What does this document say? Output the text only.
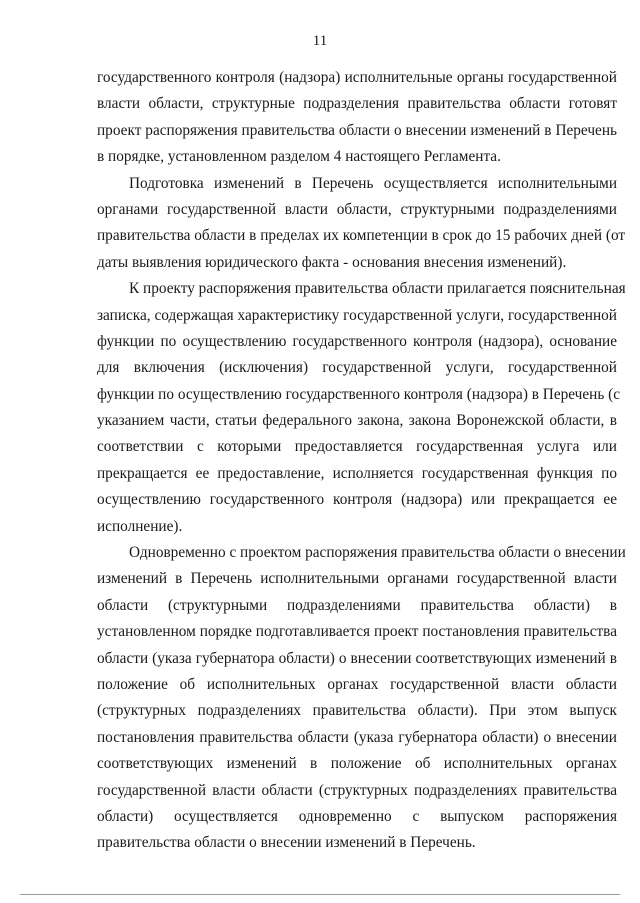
11
государственного контроля (надзора) исполнительные органы государственной
власти области, структурные подразделения правительства области готовят
проект распоряжения правительства области о внесении изменений в Перечень
в порядке, установленном разделом 4 настоящего Регламента.
Подготовка изменений в Перечень осуществляется исполнительными
органами государственной власти области, структурными подразделениями
правительства области в пределах их компетенции в срок до 15 рабочих дней (от
даты выявления юридического факта - основания внесения изменений).
К проекту распоряжения правительства области прилагается пояснительная
записка, содержащая характеристику государственной услуги, государственной
функции по осуществлению государственного контроля (надзора), основание
для включения (исключения) государственной услуги, государственной
функции по осуществлению государственного контроля (надзора) в Перечень (с
указанием части, статьи федерального закона, закона Воронежской области, в
соответствии с которыми предоставляется государственная услуга или
прекращается ее предоставление, исполняется государственная функция по
осуществлению государственного контроля (надзора) или прекращается ее
исполнение).
Одновременно с проектом распоряжения правительства области о внесении
изменений в Перечень исполнительными органами государственной власти
области (структурными подразделениями правительства области) в
установленном порядке подготавливается проект постановления правительства
области (указа губернатора области) о внесении соответствующих изменений в
положение об исполнительных органах государственной власти области
(структурных подразделениях правительства области). При этом выпуск
постановления правительства области (указа губернатора области) о внесении
соответствующих изменений в положение об исполнительных органах
государственной власти области (структурных подразделениях правительства
области) осуществляется одновременно с выпуском распоряжения
правительства области о внесении изменений в Перечень.
